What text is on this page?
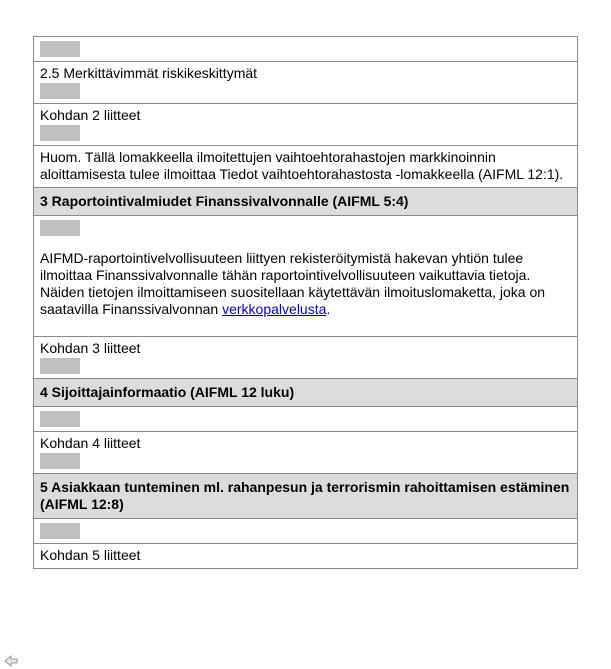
2.5 Merkittävimmät riskikeskittymät

Kohdan 2 liitteet

Huom. Tällä lomakkeella ilmoitettujen vaihtoehtorahastojen markkinoinnin aloittamisesta tulee ilmoittaa Tiedot vaihtoehtorahastosta -lomakkeella (AIFML 12:1).
3 Raportointivalmiudet Finanssivalvonnalle (AIFML 5:4)

AIFMD-raportointivelvollisuuteen liittyen rekisteröitymistä hakevan yhtiön tulee ilmoittaa Finanssivalvonnalle tähän raportointivelvollisuuteen vaikuttavia tietoja. Näiden tietojen ilmoittamiseen suositellaan käytettävän ilmoituslomaketta, joka on saatavilla Finanssivalvonnan verkkopalvelusta.

Kohdan 3 liitteet

4 Sijoittajainformaatio (AIFML 12 luku)

Kohdan 4 liitteet

5 Asiakkaan tunteminen ml. rahanpesun ja terrorismin rahoittamisen estäminen (AIFML 12:8)

Kohdan 5 liitteet
